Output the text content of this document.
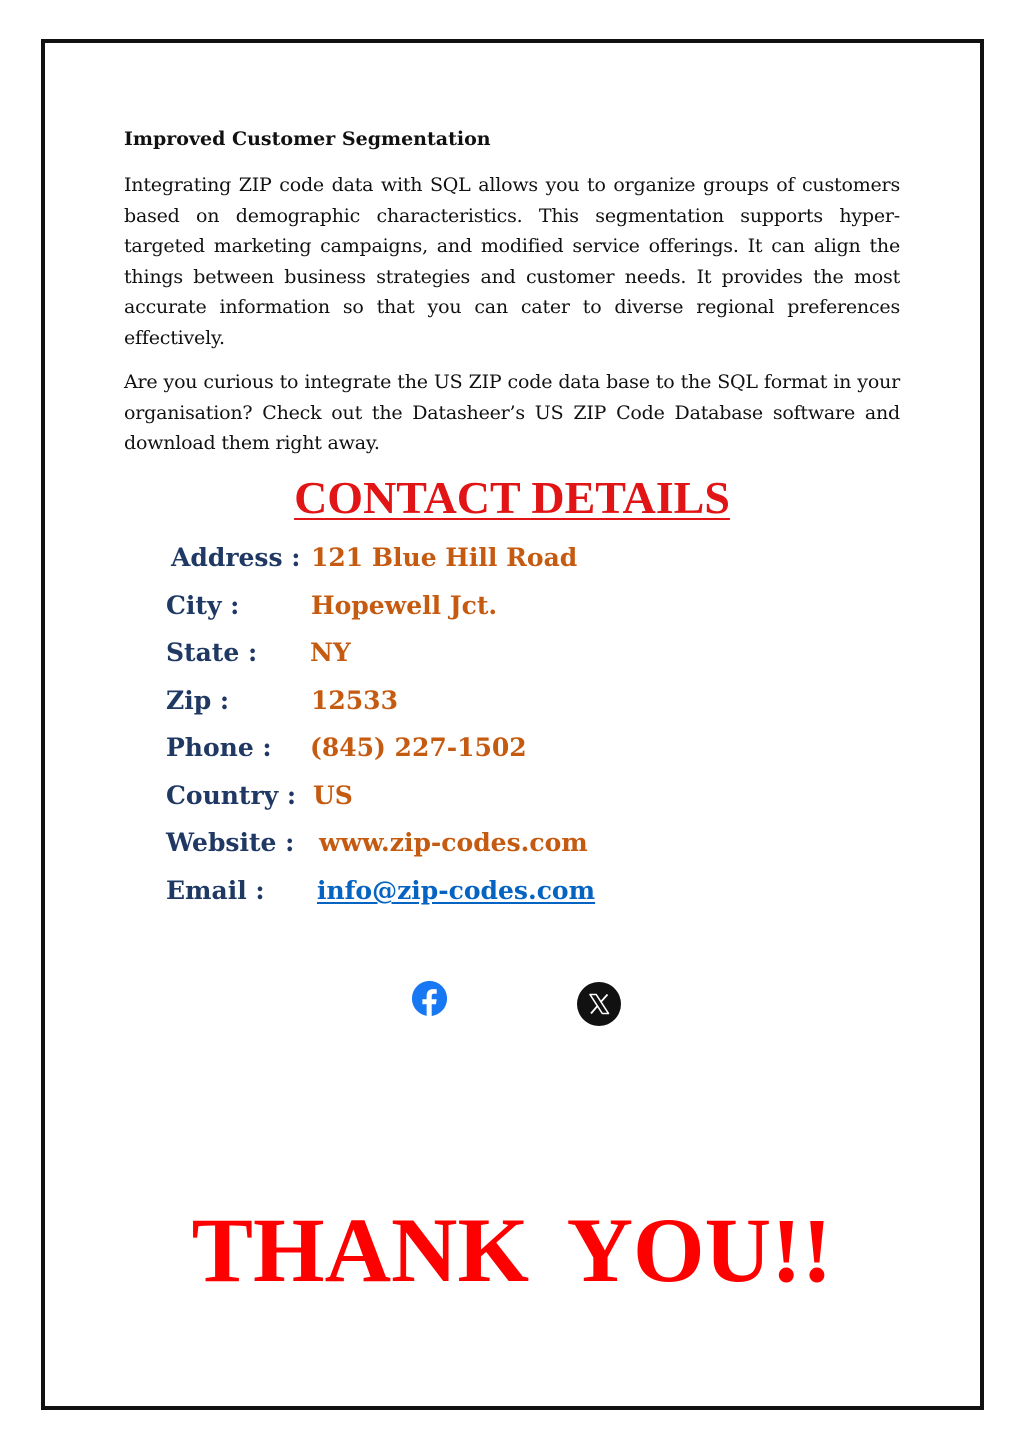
Improved Customer Segmentation

Integrating ZIP code data with SQL allows you to organize groups of customers based on demographic characteristics. This segmentation supports hyper-targeted marketing campaigns, and modified service offerings. It can align the things between business strategies and customer needs. It provides the most accurate information so that you can cater to diverse regional preferences effectively.

Are you curious to integrate the US ZIP code data base to the SQL format in your organisation? Check out the Datasheer’s US ZIP Code Database software and download them right away.

CONTACT DETAILS
Address : 121 Blue Hill Road
City :	Hopewell Jct.
State : NY
Zip :	12533
Phone : (845) 227-1502
Country : US
Website : www.zip-codes.com
Email : info@zip-codes.com
THANK YOU!!
